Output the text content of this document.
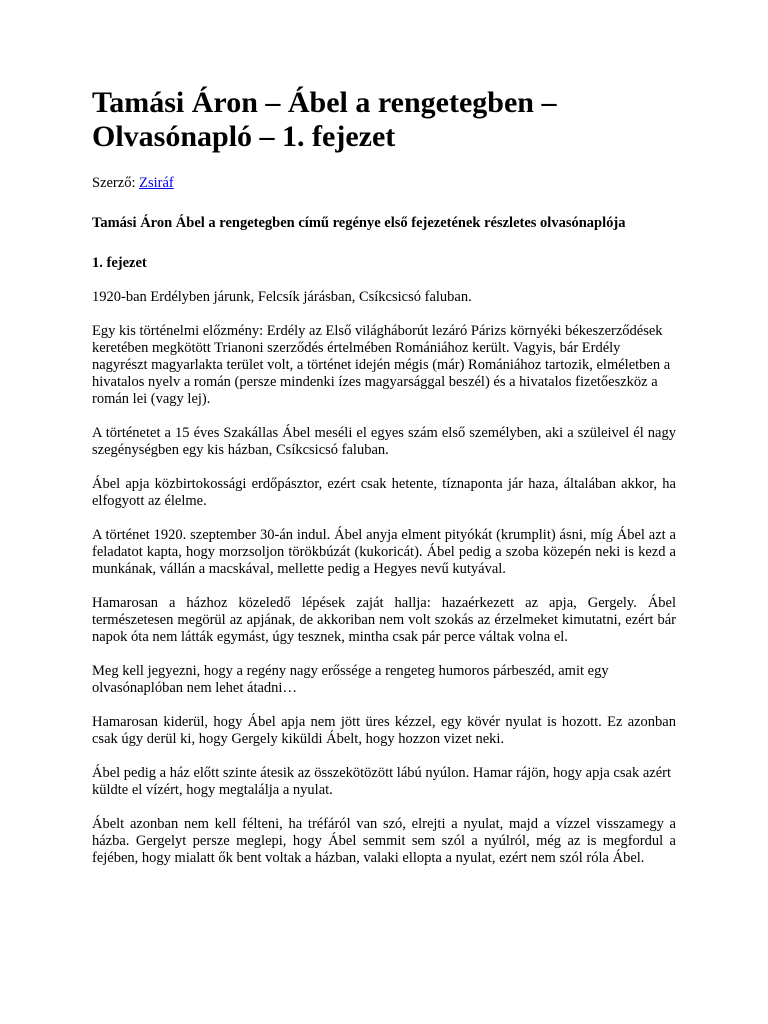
Tamási Áron – Ábel a rengetegben – Olvasónapló – 1. fejezet
Szerző: Zsiráf
Tamási Áron Ábel a rengetegben című regénye első fejezetének részletes olvasónaplója
1. fejezet

1920-ban Erdélyben járunk, Felcsík járásban, Csíkcsicsó faluban.

Egy kis történelmi előzmény: Erdély az Első világháborút lezáró Párizs környéki békeszerződések keretében megkötött Trianoni szerződés értelmében Romániához került. Vagyis, bár Erdély nagyrészt magyarlakta terület volt, a történet idején mégis (már) Romániához tartozik, elméletben a hivatalos nyelv a román (persze mindenki ízes magyarsággal beszél) és a hivatalos fizetőeszköz a román lei (vagy lej).

A történetet a 15 éves Szakállas Ábel meséli el egyes szám első személyben, aki a szüleivel él nagy szegénységben egy kis házban, Csíkcsicsó faluban.

Ábel apja közbirtokossági erdőpásztor, ezért csak hetente, tíznaponta jár haza, általában akkor, ha elfogyott az élelme.

A történet 1920. szeptember 30-án indul. Ábel anyja elment pityókát (krumplit) ásni, míg Ábel azt a feladatot kapta, hogy morzsoljon törökbúzát (kukoricát). Ábel pedig a szoba közepén neki is kezd a munkának, vállán a macskával, mellette pedig a Hegyes nevű kutyával.

Hamarosan a házhoz közeledő lépések zaját hallja: hazaérkezett az apja, Gergely. Ábel természetesen megörül az apjának, de akkoriban nem volt szokás az érzelmeket kimutatni, ezért bár napok óta nem látták egymást, úgy tesznek, mintha csak pár perce váltak volna el.

Meg kell jegyezni, hogy a regény nagy erőssége a rengeteg humoros párbeszéd, amit egy olvasónaplóban nem lehet átadni…

Hamarosan kiderül, hogy Ábel apja nem jött üres kézzel, egy kövér nyulat is hozott. Ez azonban csak úgy derül ki, hogy Gergely kiküldi Ábelt, hogy hozzon vizet neki.

Ábel pedig a ház előtt szinte átesik az összekötözött lábú nyúlon. Hamar rájön, hogy apja csak azért küldte el vízért, hogy megtalálja a nyulat.

Ábelt azonban nem kell félteni, ha tréfáról van szó, elrejti a nyulat, majd a vízzel visszamegy a házba. Gergelyt persze meglepi, hogy Ábel semmit sem szól a nyúlról, még az is megfordul a fejében, hogy mialatt ők bent voltak a házban, valaki ellopta a nyulat, ezért nem szól róla Ábel.
